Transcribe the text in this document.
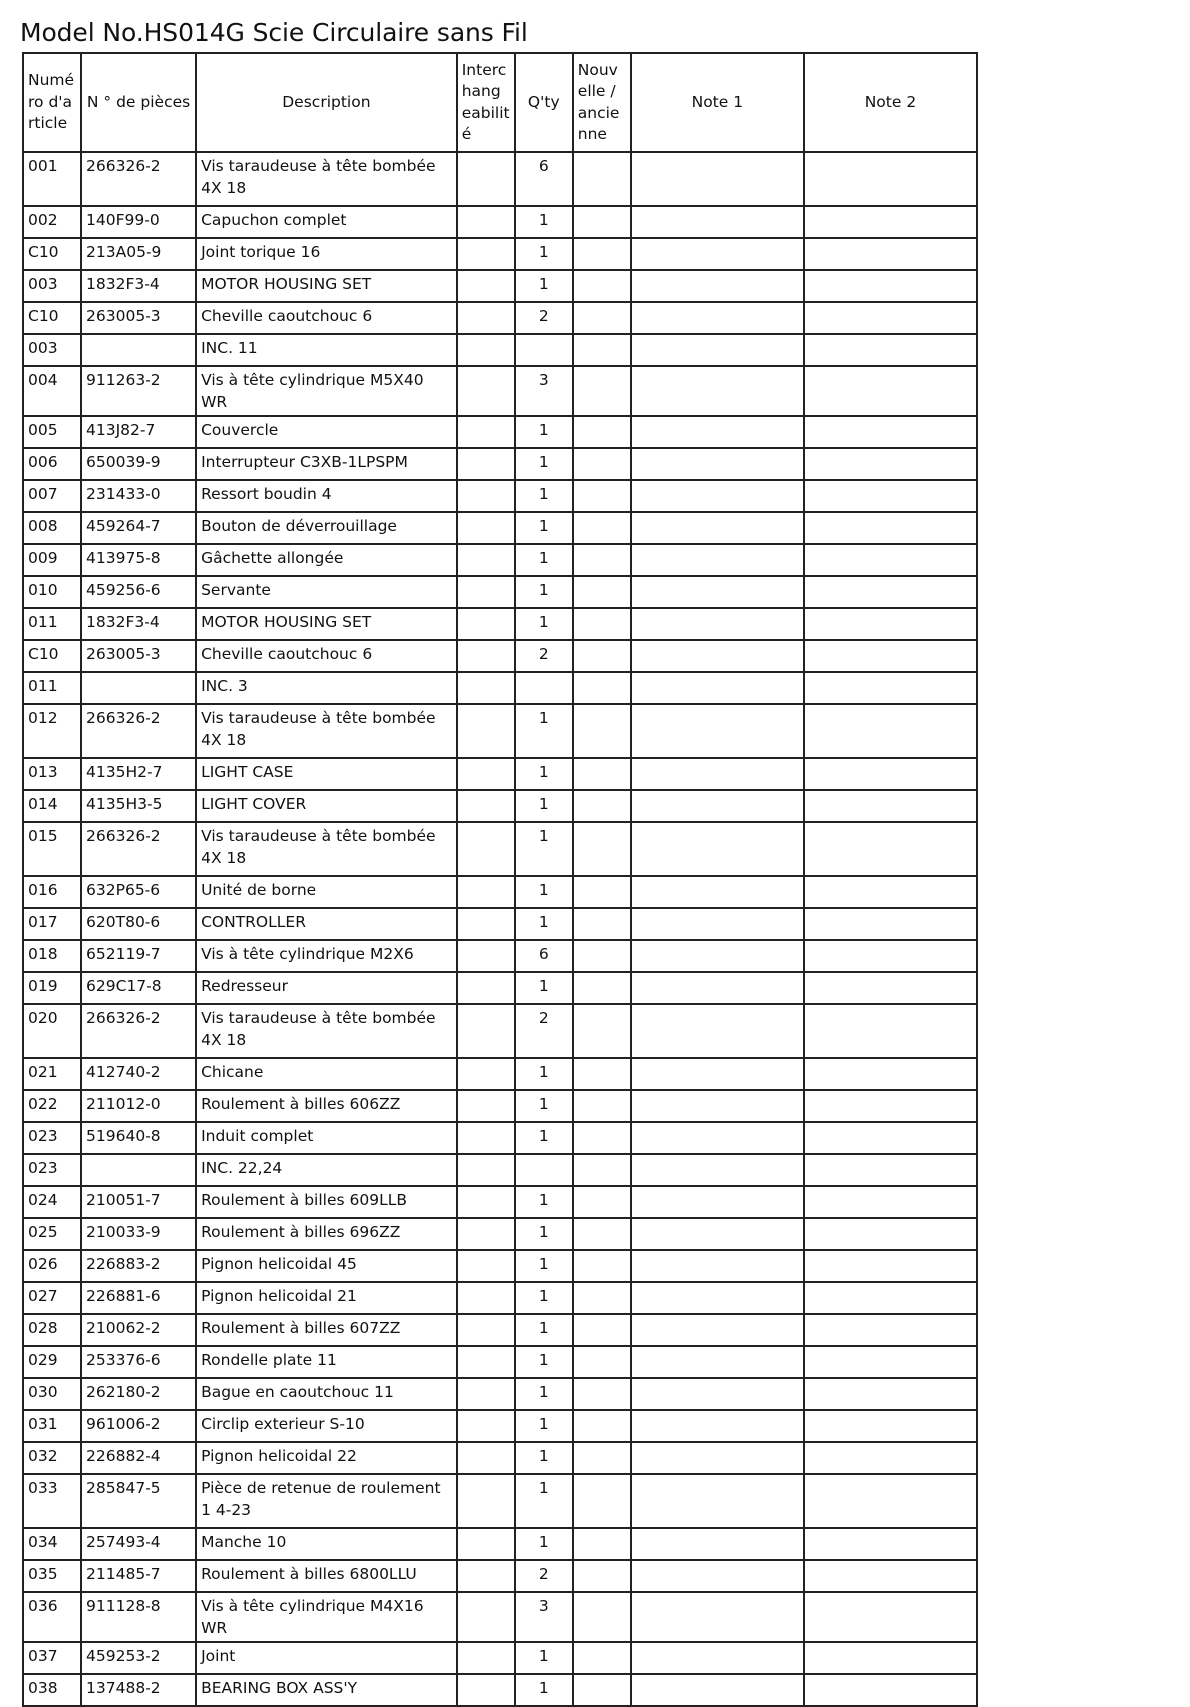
Model No.HS014G Scie Circulaire sans Fil
Numé ro d'a rticle	N ° de pièces	Description	Interc hang eabilit é	Q'ty	Nouv elle / ancie nne	Note 1	Note 2
001	266326-2	Vis taraudeuse à tête bombée 4X 18		6			
002	140F99-0	Capuchon complet		1			
C10	213A05-9	Joint torique 16		1			
003	1832F3-4	MOTOR HOUSING SET		1			
C10	263005-3	Cheville caoutchouc 6		2			
003		INC. 11					
004	911263-2	Vis à tête cylindrique M5X40 WR		3			
005	413J82-7	Couvercle		1			
006	650039-9	Interrupteur C3XB-1LPSPM		1			
007	231433-0	Ressort boudin 4		1			
008	459264-7	Bouton de déverrouillage		1			
009	413975-8	Gâchette allongée		1			
010	459256-6	Servante		1			
011	1832F3-4	MOTOR HOUSING SET		1			
C10	263005-3	Cheville caoutchouc 6		2			
011		INC. 3					
012	266326-2	Vis taraudeuse à tête bombée 4X 18		1			
013	4135H2-7	LIGHT CASE		1			
014	4135H3-5	LIGHT COVER		1			
015	266326-2	Vis taraudeuse à tête bombée 4X 18		1			
016	632P65-6	Unité de borne		1			
017	620T80-6	CONTROLLER		1			
018	652119-7	Vis à tête cylindrique M2X6		6			
019	629C17-8	Redresseur		1			
020	266326-2	Vis taraudeuse à tête bombée 4X 18		2			
021	412740-2	Chicane		1			
022	211012-0	Roulement à billes 606ZZ		1			
023	519640-8	Induit complet		1			
023		INC. 22,24					
024	210051-7	Roulement à billes 609LLB		1			
025	210033-9	Roulement à billes 696ZZ		1			
026	226883-2	Pignon helicoidal 45		1			
027	226881-6	Pignon helicoidal 21		1			
028	210062-2	Roulement à billes 607ZZ		1			
029	253376-6	Rondelle plate 11		1			
030	262180-2	Bague en caoutchouc 11		1			
031	961006-2	Circlip exterieur S-10		1			
032	226882-4	Pignon helicoidal 22		1			
033	285847-5	Pièce de retenue de roulement 1 4-23		1			
034	257493-4	Manche 10		1			
035	211485-7	Roulement à billes 6800LLU		2			
036	911128-8	Vis à tête cylindrique M4X16 WR		3			
037	459253-2	Joint		1			
038	137488-2	BEARING BOX ASS'Y		1			
